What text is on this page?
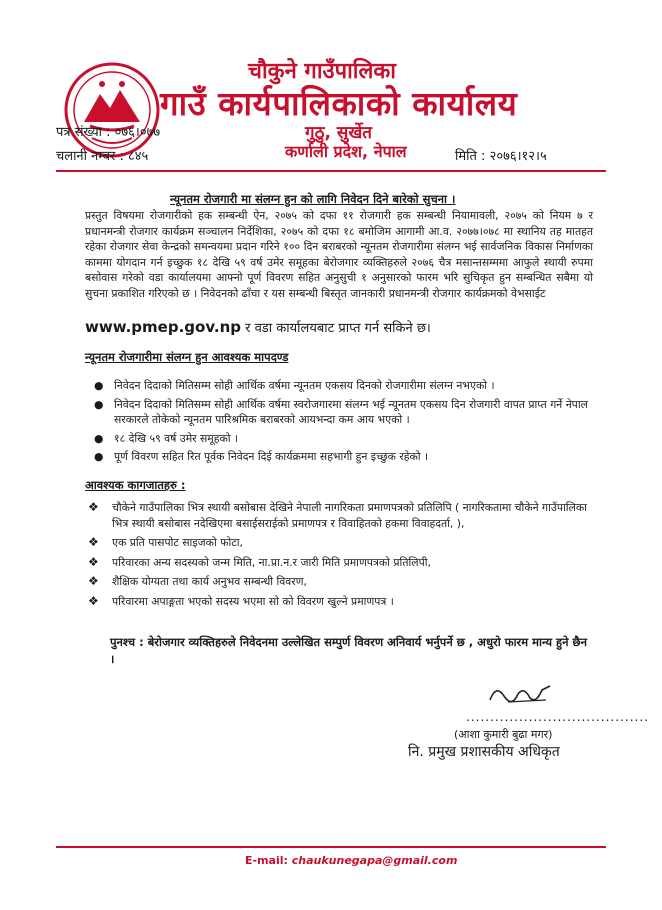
चौकुने गाउँपालिका
गाउँ कार्यपालिकाको कार्यालय
गुठु, सुर्खेत
कर्णाली प्रदेश, नेपाल
पत्र संख्या : ०७६।०७७
चलानी नम्बर : ८४५	मिति : २०७६।१२।५
न्यूनतम रोजगारी मा संलग्न हुन को लागि निवेदन दिने बारेको सुचना ।
प्रस्तुत विषयमा रोजगारीको हक सम्बन्धी ऐन, २०७५ को दफा ११ रोजगारी हक सम्बन्धी नियामावली, २०७५ को नियम ७ र प्रधानमन्त्री रोजगार कार्यक्रम सञ्चालन निर्देशिका, २०७५ को दफा १८ बमोजिम आगामी आ.व. २०७७।०७८ मा स्थानिय तह मातहत रहेका रोजगार सेवा केन्द्रको समन्वयमा प्रदान गरिने १०० दिन बराबरको न्यूनतम रोजगारीमा संलग्न भई सार्वजनिक विकास निर्माणका काममा योगदान गर्न इच्छुक १८ देखि ५९ वर्ष उमेर समूहका बेरोजगार व्यक्तिहरुले २०७६ चैत्र मसान्तसम्ममा आफुले स्थायी रुपमा बसोवास गरेको वडा कार्यालयमा आफ्नो पूर्ण विवरण सहित अनुसुची १ अनुसारको फारम भरि सुचिकृत हुन सम्बन्धित सबैमा यो सुचना प्रकाशित गरिएको छ । निवेदनको ढाँचा र यस सम्बन्धी बिस्तृत जानकारी प्रधानमन्त्री रोजगार कार्यक्रमको वेभसाईट
www.pmep.gov.np र वडा कार्यालयबाट प्राप्त गर्न सकिने छ।
न्यूनतम रोजगारीमा संलग्न हुन आवश्यक मापदण्ड
● निवेदन दिदाको मितिसम्म सोही आर्थिक वर्षमा न्यूनतम एकसय दिनको रोजगारीमा संलग्न नभएको ।
● निवेदन दिदाको मितिसम्म सोही आर्थिक वर्षमा स्वरोजगारमा संलग्न भई न्यूनतम एकसय दिन रोजगारी वापत प्राप्त गर्ने नेपाल सरकारले तोकेको न्यूनतम पारिश्रमिक बराबरको आयभन्दा कम आय भएको ।
● १८ देखि ५९ वर्ष उमेर समूहको ।
● पूर्ण विवरण सहित रित पूर्वक निवेदन दिई कार्यक्रममा सहभागी हुन इच्छुक रहेको ।
आवश्यक कागजातहरु :
❖ चौकेने गाउँपालिका भित्र स्थायी बसोबास देखिने नेपाली नागरिकता प्रमाणपत्रको प्रतिलिपि ( नागरिकतामा चौकेने गाउँपालिका भित्र स्थायी बसोबास नदेखिएमा बसाईसराईको प्रमाणपत्र र विवाहितको हकमा विवाहदर्ता, ),
❖ एक प्रति पासपोट साइजको फोटा,
❖ परिवारका अन्य सदस्यको जन्म मिति, ना.प्रा.न.र जारी मिति प्रमाणपत्रको प्रतिलिपी,
❖ शैक्षिक योग्यता तथा कार्य अनुभव सम्बन्धी विवरण,
❖ परिवारमा अपाङ्गता भएको सदस्य भएमा सो को विवरण खुल्ने प्रमाणपत्र ।
पुनश्च : बेरोजगार व्यक्तिहरुले निवेदनमा उल्लेखित सम्पुर्ण विवरण अनिवार्य भर्नुपर्ने छ , अधुरो फारम मान्य हुने छैन ।
......................................
(आशा कुमारी बुढा मगर)
नि. प्रमुख प्रशासकीय अधिकृत
E-mail: chaukunegapa@gmail.com
